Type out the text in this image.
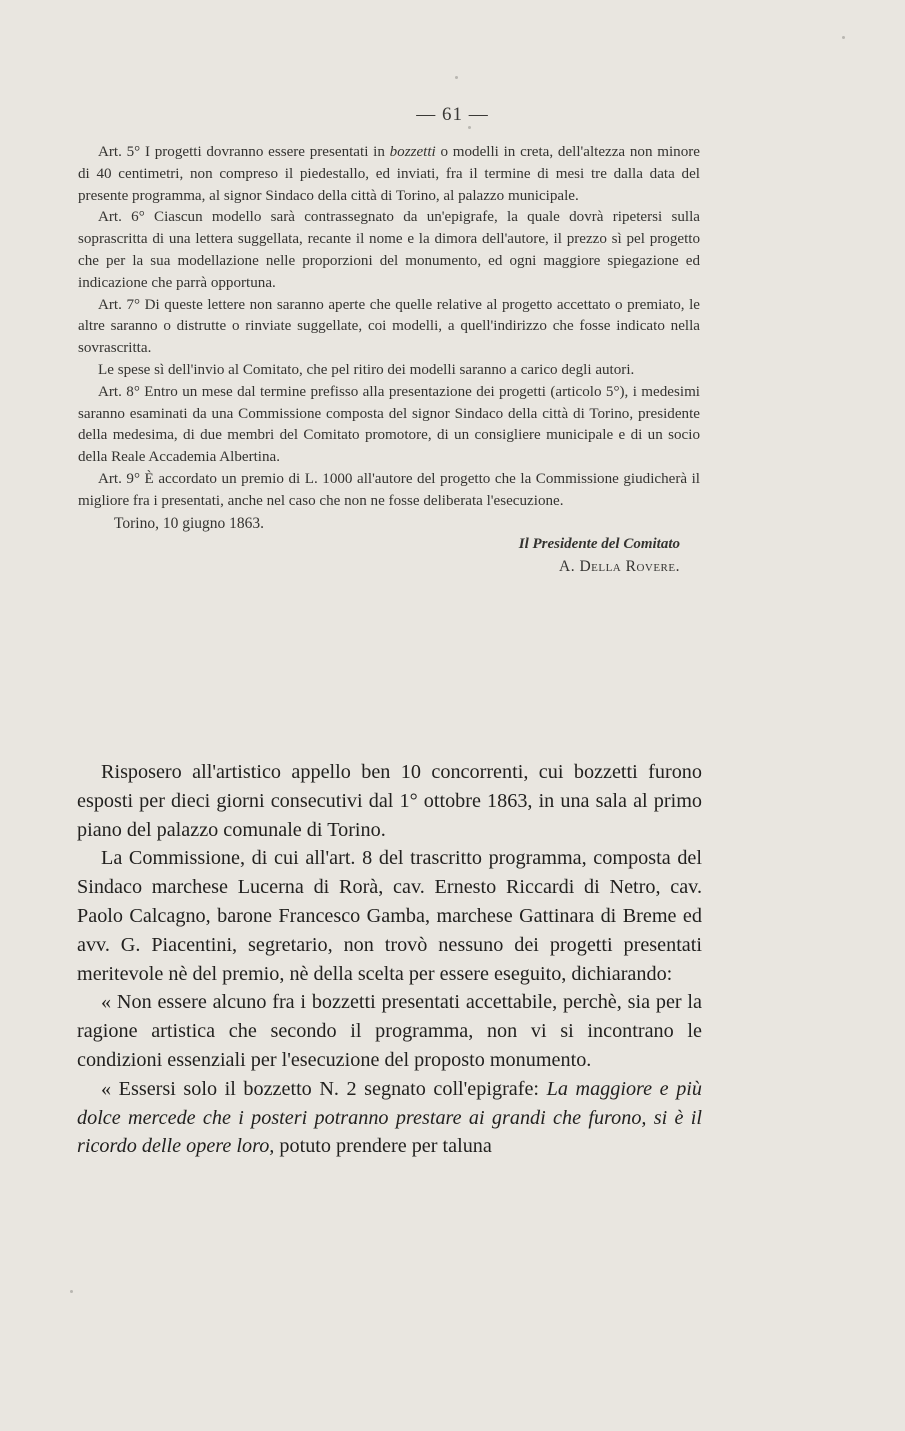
— 61 —

Art. 5° I progetti dovranno essere presentati in bozzetti o modelli in creta, dell'altezza non minore di 40 centimetri, non compreso il piedestallo, ed inviati, fra il termine di mesi tre dalla data del presente programma, al signor Sindaco della città di Torino, al palazzo municipale.

Art. 6° Ciascun modello sarà contrassegnato da un'epigrafe, la quale dovrà ripetersi sulla soprascritta di una lettera suggellata, recante il nome e la dimora dell'autore, il prezzo sì pel progetto che per la sua modellazione nelle proporzioni del monumento, ed ogni maggiore spiegazione ed indicazione che parrà opportuna.

Art. 7° Di queste lettere non saranno aperte che quelle relative al progetto accettato o premiato, le altre saranno o distrutte o rinviate suggellate, coi modelli, a quell'indirizzo che fosse indicato nella sovrascritta.

Le spese sì dell'invio al Comitato, che pel ritiro dei modelli saranno a carico degli autori.

Art. 8° Entro un mese dal termine prefisso alla presentazione dei progetti (articolo 5°), i medesimi saranno esaminati da una Commissione composta del signor Sindaco della città di Torino, presidente della medesima, di due membri del Comitato promotore, di un consigliere municipale e di un socio della Reale Accademia Albertina.

Art. 9° È accordato un premio di L. 1000 all'autore del progetto che la Commissione giudicherà il migliore fra i presentati, anche nel caso che non ne fosse deliberata l'esecuzione.

Torino, 10 giugno 1863.

Il Presidente del Comitato

A. Della Rovere.

Risposero all'artistico appello ben 10 concorrenti, cui bozzetti furono esposti per dieci giorni consecutivi dal 1° ottobre 1863, in una sala al primo piano del palazzo comunale di Torino.

La Commissione, di cui all'art. 8 del trascritto programma, composta del Sindaco marchese Lucerna di Rorà, cav. Ernesto Riccardi di Netro, cav. Paolo Calcagno, barone Francesco Gamba, marchese Gattinara di Breme ed avv. G. Piacentini, segretario, non trovò nessuno dei progetti presentati meritevole nè del premio, nè della scelta per essere eseguito, dichiarando:

« Non essere alcuno fra i bozzetti presentati accettabile, perchè, sia per la ragione artistica che secondo il programma, non vi si incontrano le condizioni essenziali per l'esecuzione del proposto monumento.

« Essersi solo il bozzetto N. 2 segnato coll'epigrafe: La maggiore e più dolce mercede che i posteri potranno prestare ai grandi che furono, si è il ricordo delle opere loro, potuto prendere per taluna
